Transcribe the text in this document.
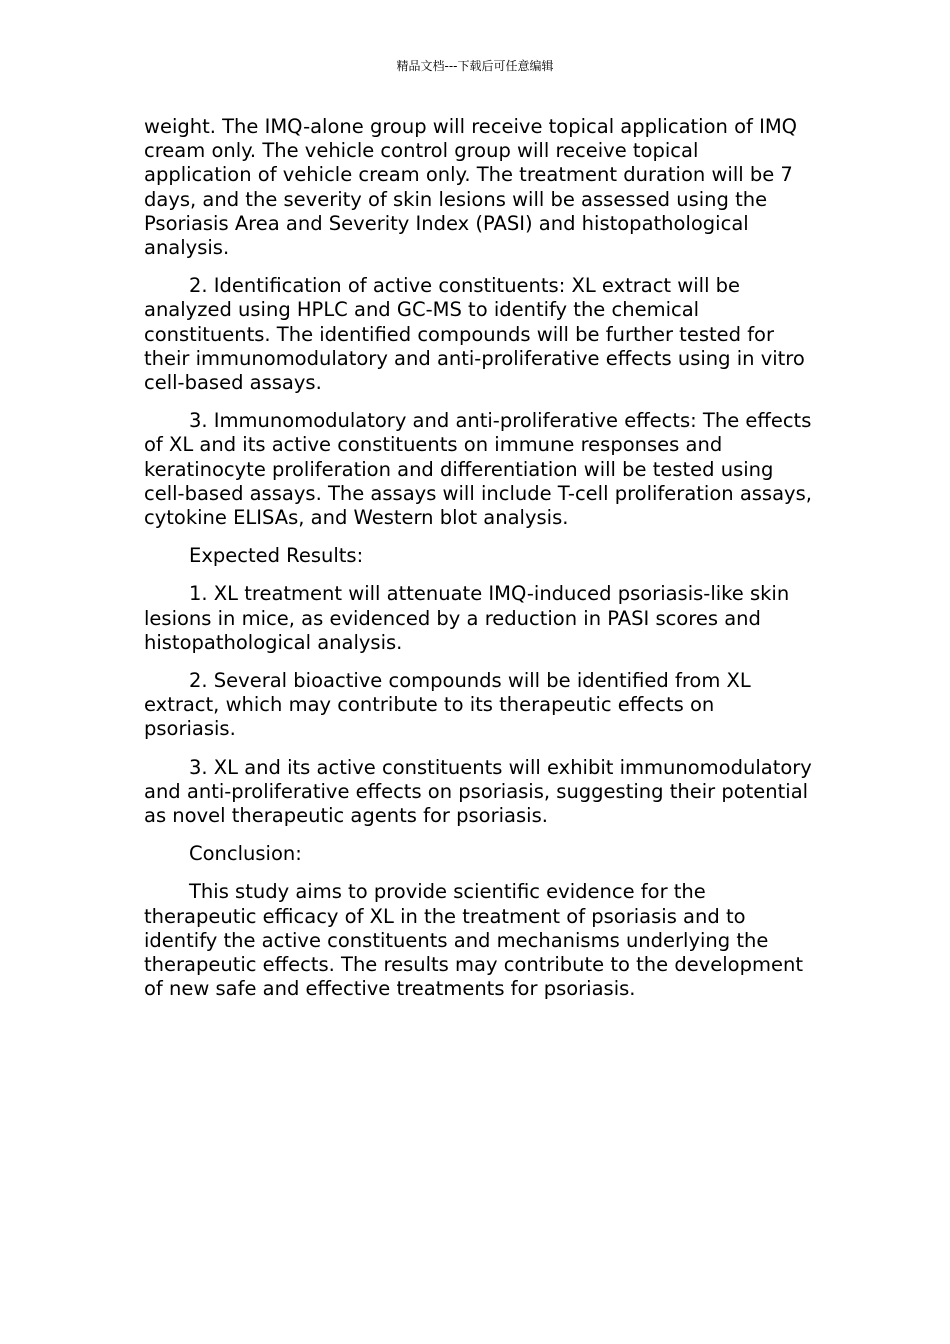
精品文档---下载后可任意编辑

weight. The IMQ-alone group will receive topical application of IMQ cream only. The vehicle control group will receive topical application of vehicle cream only. The treatment duration will be 7 days, and the severity of skin lesions will be assessed using the Psoriasis Area and Severity Index (PASI) and histopathological analysis.

2. Identification of active constituents: XL extract will be analyzed using HPLC and GC-MS to identify the chemical constituents. The identified compounds will be further tested for their immunomodulatory and anti-proliferative effects using in vitro cell-based assays.

3. Immunomodulatory and anti-proliferative effects: The effects of XL and its active constituents on immune responses and keratinocyte proliferation and differentiation will be tested using cell-based assays. The assays will include T-cell proliferation assays, cytokine ELISAs, and Western blot analysis.

Expected Results:

1. XL treatment will attenuate IMQ-induced psoriasis-like skin lesions in mice, as evidenced by a reduction in PASI scores and histopathological analysis.

2. Several bioactive compounds will be identified from XL extract, which may contribute to its therapeutic effects on psoriasis.

3. XL and its active constituents will exhibit immunomodulatory and anti-proliferative effects on psoriasis, suggesting their potential as novel therapeutic agents for psoriasis.

Conclusion:

This study aims to provide scientific evidence for the therapeutic efficacy of XL in the treatment of psoriasis and to identify the active constituents and mechanisms underlying the therapeutic effects. The results may contribute to the development of new safe and effective treatments for psoriasis.
